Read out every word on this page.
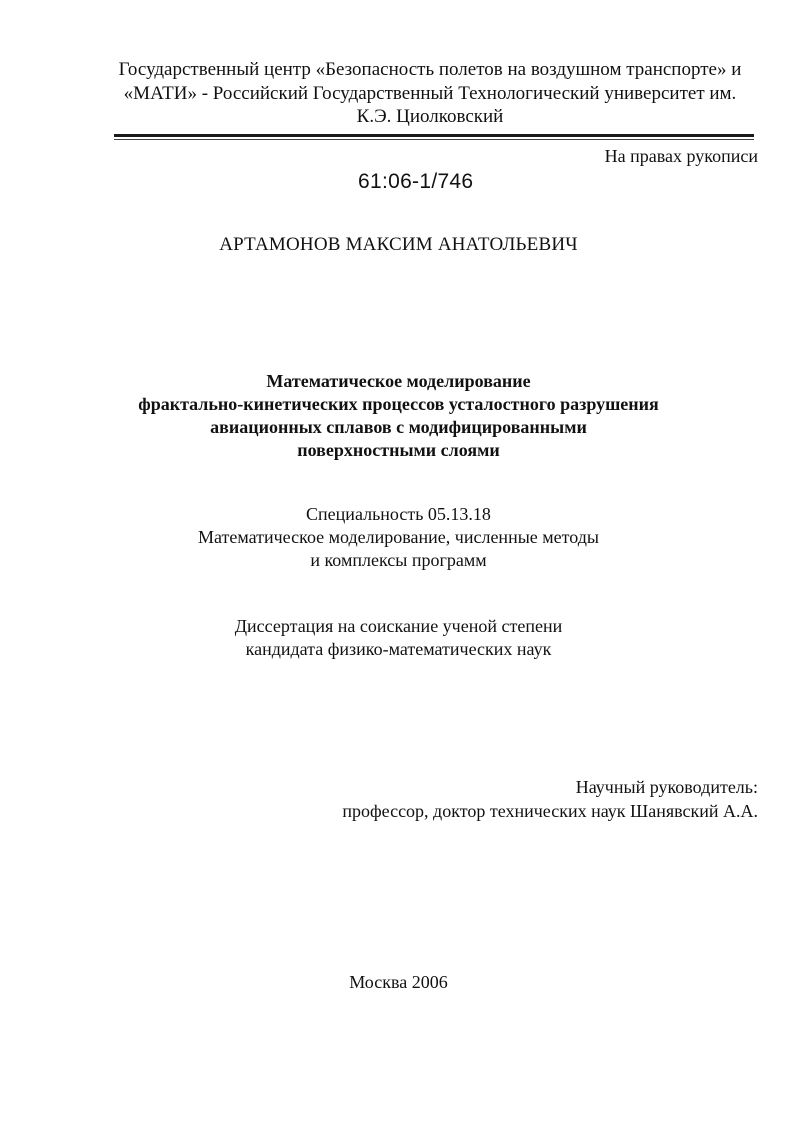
Государственный центр «Безопасность полетов на воздушном транспорте» и
«МАТИ» - Российский Государственный Технологический университет им.
К.Э. Циолковский
На правах рукописи
61:06-1/746
АРТАМОНОВ МАКСИМ АНАТОЛЬЕВИЧ
Математическое моделирование
фрактально-кинетических процессов усталостного разрушения
авиационных сплавов с модифицированными
поверхностными слоями
Специальность 05.13.18
Математическое моделирование, численные методы
и комплексы программ
Диссертация на соискание ученой степени
кандидата физико-математических наук
Научный руководитель:
профессор, доктор технических наук Шанявский А.А.
Москва 2006
